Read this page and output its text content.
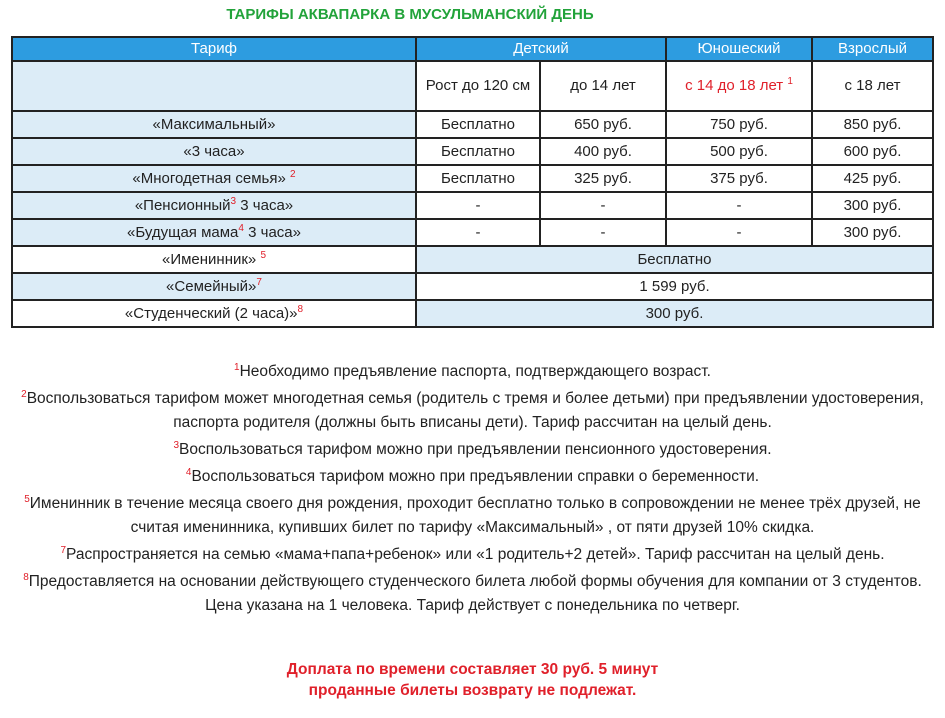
ТАРИФЫ АКВАПАРКА В МУСУЛЬМАНСКИЙ ДЕНЬ
Тариф	Детский		Юношеский	Взрослый
	Рост до 120 см	до 14 лет	с 14 до 18 лет $^1$	с 18 лет
«Максимальный»	Бесплатно	650 руб.	750 руб.	850 руб.
«3 часа»	Бесплатно	400 руб.	500 руб.	600 руб.
«Многодетная семья» $^2$	Бесплатно	325 руб.	375 руб.	425 руб.
«Пенсионный$^3$ 3 часа»	-	-	-	300 руб.
«Будущая мама$^4$ 3 часа»	-	-	-	300 руб.
«Именинник» $^5$	Бесплатно			
«Семейный»$^7$	1 599 руб.			
«Студенческий (2 часа)»$^8$	300 руб.			

$^1$Необходимо предъявление паспорта, подтверждающего возраст.

$^2$Воспользоваться тарифом может многодетная семья (родитель с тремя и более детьми) при предъявлении удостоверения, паспорта родителя (должны быть вписаны дети). Тариф рассчитан на целый день.

$^3$Воспользоваться тарифом можно при предъявлении пенсионного удостоверения.

$^4$Воспользоваться тарифом можно при предъявлении справки о беременности.

$^5$Именинник в течение месяца своего дня рождения, проходит бесплатно только в сопровождении не менее трёх друзей, не считая именинника, купивших билет по тарифу «Максимальный» , от пяти друзей 10% скидка.

$^7$Распространяется на семью «мама+папа+ребенок» или «1 родитель+2 детей». Тариф рассчитан на целый день.

$^8$Предоставляется на основании действующего студенческого билета любой формы обучения для компании от 3 студентов. Цена указана на 1 человека. Тариф действует с понедельника по четверг.

Доплата по времени составляет 30 руб. 5 минут
проданные билеты возврату не подлежат.
